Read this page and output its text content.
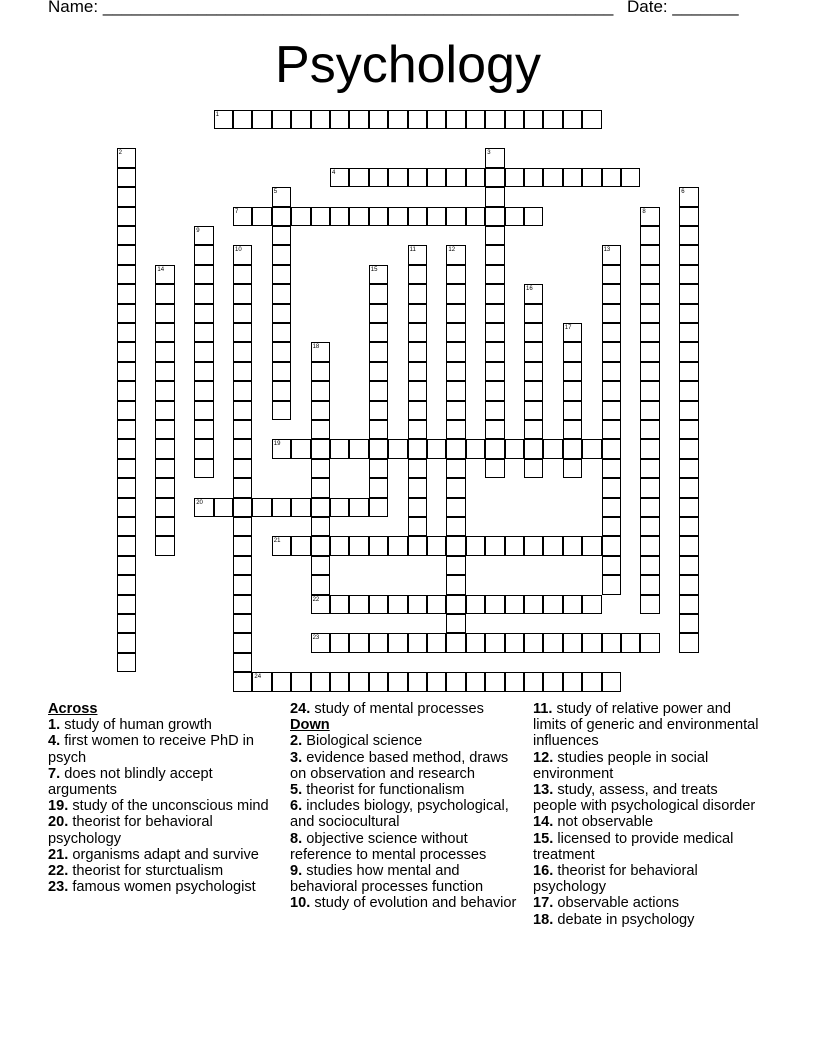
Name: ______________________________________________________ Date: _______
Psychology
1
2	3
4
5	6
7	8
9
10	11	12	13
14	15
16
17
18
22
19
20
21
23
24
Across
1. study of human growth
4. first women to receive PhD in psych
7. does not blindly accept arguments
19. study of the unconscious mind
20. theorist for behavioral psychology
21. organisms adapt and survive
22. theorist for sturctualism
23. famous women psychologist
24. study of mental processes
Down
2. Biological science
3. evidence based method, draws on observation and research
5. theorist for functionalism
6. includes biology, psychological, and sociocultural
8. objective science without reference to mental processes
9. studies how mental and behavioral processes function
10. study of evolution and behavior
11. study of relative power and limits of generic and environmental influences
12. studies people in social environment
13. study, assess, and treats people with psychological disorder
14. not observable
15. licensed to provide medical treatment
16. theorist for behavioral psychology
17. observable actions
18. debate in psychology
